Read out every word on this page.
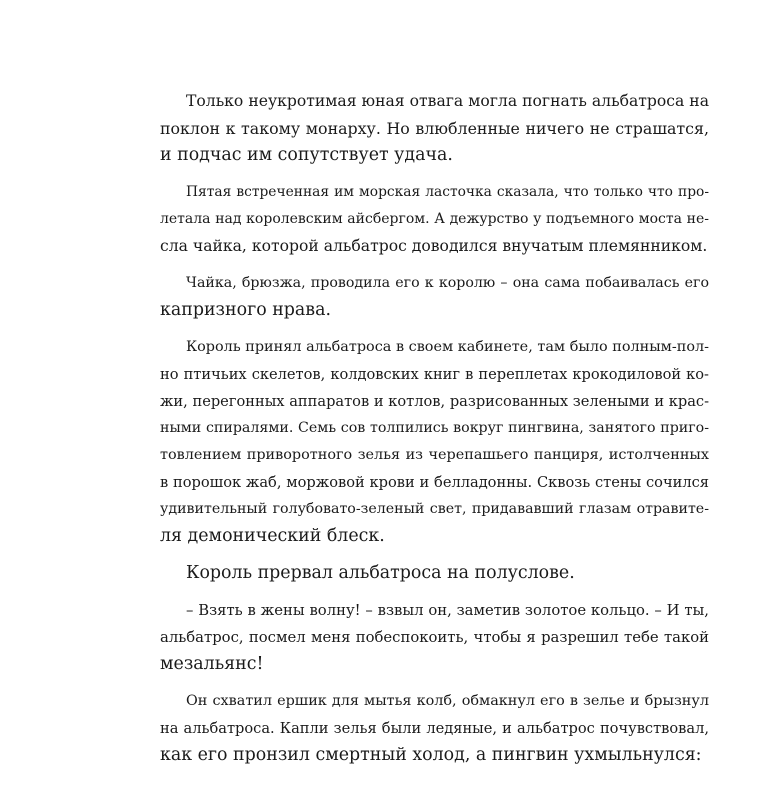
Только неукротимая юная отвага могла погнать альбатроса на
поклон к такому монарху. Но влюбленные ничего не страшатся,
и подчас им сопутствует удача.
Пятая встреченная им морская ласточка сказала, что только что про-
летала над королевским айсбергом. А дежурство у подъемного моста не-
сла чайка, которой альбатрос доводился внучатым племянником.
Чайка, брюзжа, проводила его к королю – она сама побаивалась его
капризного нрава.
Король принял альбатроса в своем кабинете, там было полным-пол-
но птичьих скелетов, колдовских книг в переплетах крокодиловой ко-
жи, перегонных аппаратов и котлов, разрисованных зелеными и крас-
ными спиралями. Семь сов толпились вокруг пингвина, занятого приго-
товлением приворотного зелья из черепашьего панциря, истолченных
в порошок жаб, моржовой крови и белладонны. Сквозь стены сочился
удивительный голубовато-зеленый свет, придававший глазам отравите-
ля демонический блеск.
Король прервал альбатроса на полуслове.
– Взять в жены волну! – взвыл он, заметив золотое кольцо. – И ты,
альбатрос, посмел меня побеспокоить, чтобы я разрешил тебе такой
мезальянс!
Он схватил ершик для мытья колб, обмакнул его в зелье и брызнул
на альбатроса. Капли зелья были ледяные, и альбатрос почувствовал,
как его пронзил смертный холод, а пингвин ухмыльнулся:
